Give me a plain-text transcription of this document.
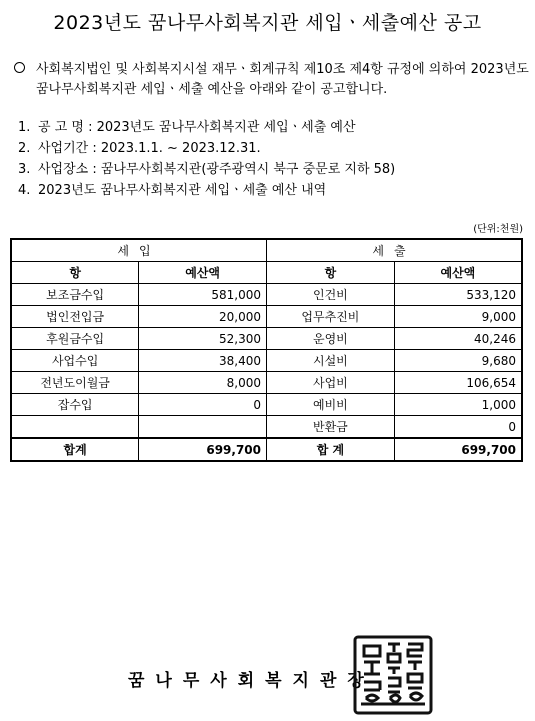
2023년도 꿈나무사회복지관 세입ㆍ세출예산 공고
사회복지법인 및 사회복지시설 재무ㆍ회계규칙 제10조 제4항 규정에 의하여 2023년도 꿈나무사회복지관 세입ㆍ세출 예산을 아래와 같이 공고합니다.
1. 공 고 명 : 2023년도 꿈나무사회복지관 세입ㆍ세출 예산
2. 사업기간 : 2023.1.1. ~ 2023.12.31.
3. 사업장소 : 꿈나무사회복지관(광주광역시 북구 중문로 지하 58)
4. 2023년도 꿈나무사회복지관 세입ㆍ세출 예산 내역
(단위:천원)
세입		세출	
항	예산액	항	예산액
보조금수입	581,000	인건비	533,120
법인전입금	20,000	업무추진비	9,000
후원금수입	52,300	운영비	40,246
사업수입	38,400	시설비	9,680
전년도이월금	8,000	사업비	106,654
잡수입	0	예비비	1,000
		반환금	0
합계	699,700	합 계	699,700
꿈나무사회복지관장
